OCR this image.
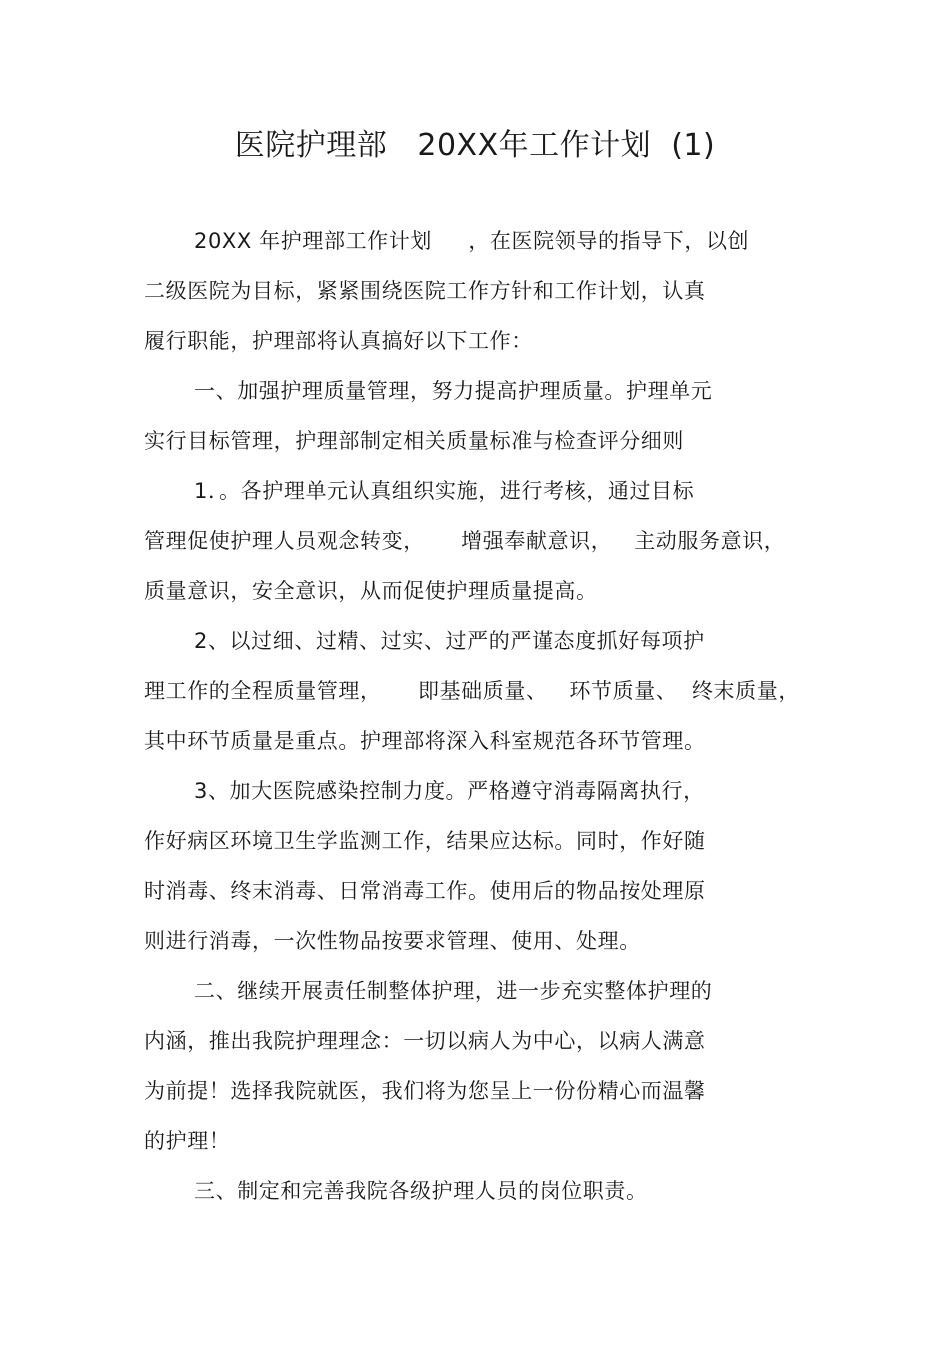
医院护理部   20XX年工作计划  (1)
20XX 年护理部工作计划     ，在医院领导的指导下，以创
二级医院为目标，紧紧围绕医院工作方针和工作计划，认真
履行职能，护理部将认真搞好以下工作：
一、加强护理质量管理，努力提高护理质量。护理单元
实行目标管理，护理部制定相关质量标准与检查评分细则
1．。各护理单元认真组织实施，进行考核，通过目标
管理促使护理人员观念转变，     增强奉献意识，   主动服务意识，
质量意识，安全意识，从而促使护理质量提高。
2、以过细、过精、过实、过严的严谨态度抓好每项护
理工作的全程质量管理，     即基础质量、   环节质量、  终末质量，
其中环节质量是重点。护理部将深入科室规范各环节管理。
3、加大医院感染控制力度。严格遵守消毒隔离执行，
作好病区环境卫生学监测工作，结果应达标。同时，作好随
时消毒、终末消毒、日常消毒工作。使用后的物品按处理原
则进行消毒，一次性物品按要求管理、使用、处理。
二、继续开展责任制整体护理，进一步充实整体护理的
内涵，推出我院护理理念：一切以病人为中心，以病人满意
为前提！选择我院就医，我们将为您呈上一份份精心而温馨
的护理！
三、制定和完善我院各级护理人员的岗位职责。
